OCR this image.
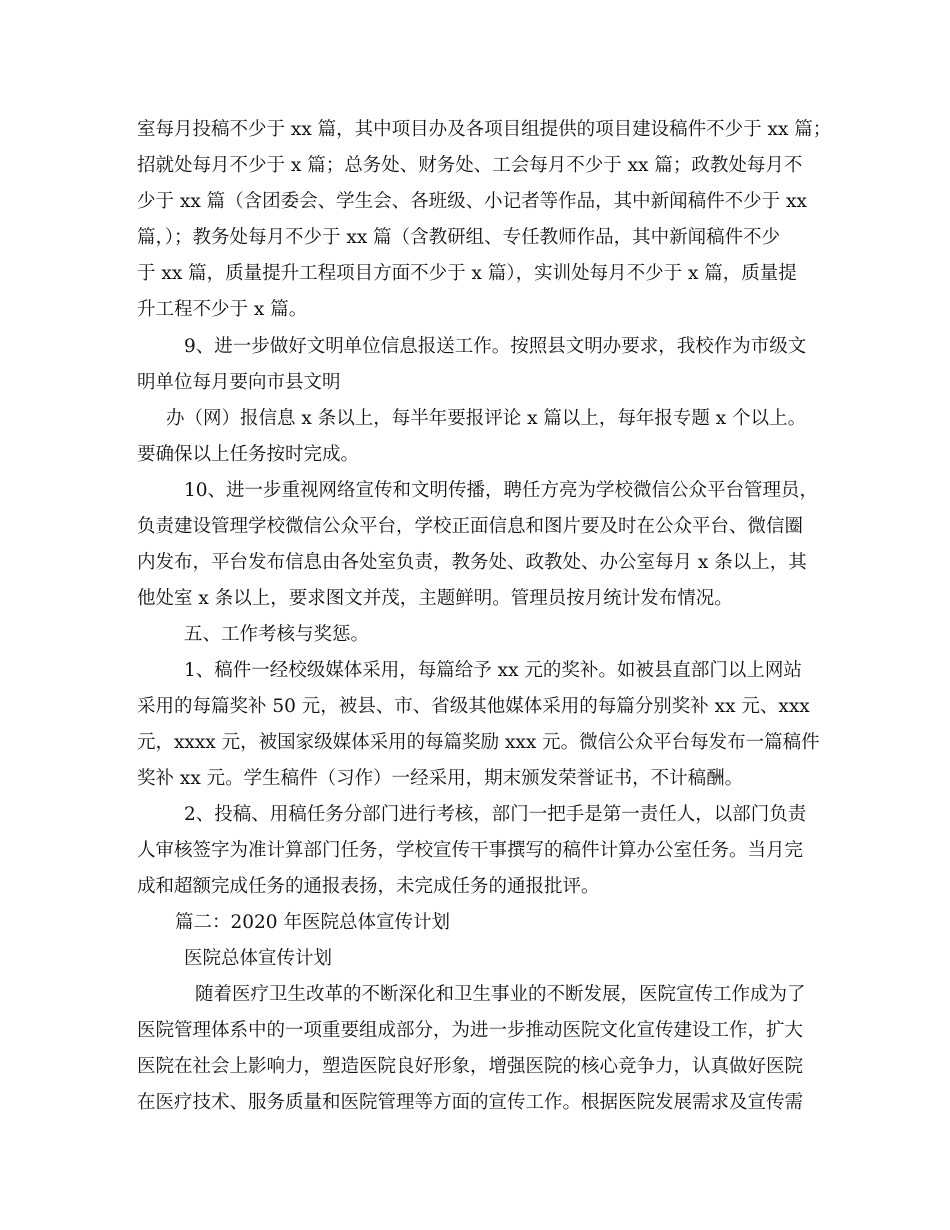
室每月投稿不少于 xx 篇，其中项目办及各项目组提供的项目建设稿件不少于 xx 篇；
招就处每月不少于 x 篇；总务处、财务处、工会每月不少于 xx 篇；政教处每月不
少于 xx 篇（含团委会、学生会、各班级、小记者等作品，其中新闻稿件不少于 xx
篇，）；教务处每月不少于 xx 篇（含教研组、专任教师作品，其中新闻稿件不少
于 xx 篇，质量提升工程项目方面不少于 x 篇），实训处每月不少于 x 篇，质量提
升工程不少于 x 篇。
9、进一步做好文明单位信息报送工作。按照县文明办要求，我校作为市级文
明单位每月要向市县文明
办（网）报信息 x 条以上，每半年要报评论 x 篇以上，每年报专题 x 个以上。
要确保以上任务按时完成。
10、进一步重视网络宣传和文明传播，聘任方亮为学校微信公众平台管理员，
负责建设管理学校微信公众平台，学校正面信息和图片要及时在公众平台、微信圈
内发布，平台发布信息由各处室负责，教务处、政教处、办公室每月 x 条以上，其
他处室 x 条以上，要求图文并茂，主题鲜明。管理员按月统计发布情况。
五、工作考核与奖惩。
1、稿件一经校级媒体采用，每篇给予 xx 元的奖补。如被县直部门以上网站
采用的每篇奖补 50 元，被县、市、省级其他媒体采用的每篇分别奖补 xx 元、xxx
元，xxxx 元，被国家级媒体采用的每篇奖励 xxx 元。微信公众平台每发布一篇稿件
奖补 xx 元。学生稿件（习作）一经采用，期末颁发荣誉证书，不计稿酬。
2、投稿、用稿任务分部门进行考核，部门一把手是第一责任人，以部门负责
人审核签字为准计算部门任务，学校宣传干事撰写的稿件计算办公室任务。当月完
成和超额完成任务的通报表扬，未完成任务的通报批评。
篇二：2020 年医院总体宣传计划
医院总体宣传计划
随着医疗卫生改革的不断深化和卫生事业的不断发展，医院宣传工作成为了
医院管理体系中的一项重要组成部分，为进一步推动医院文化宣传建设工作，扩大
医院在社会上影响力，塑造医院良好形象，增强医院的核心竞争力，认真做好医院
在医疗技术、服务质量和医院管理等方面的宣传工作。根据医院发展需求及宣传需
